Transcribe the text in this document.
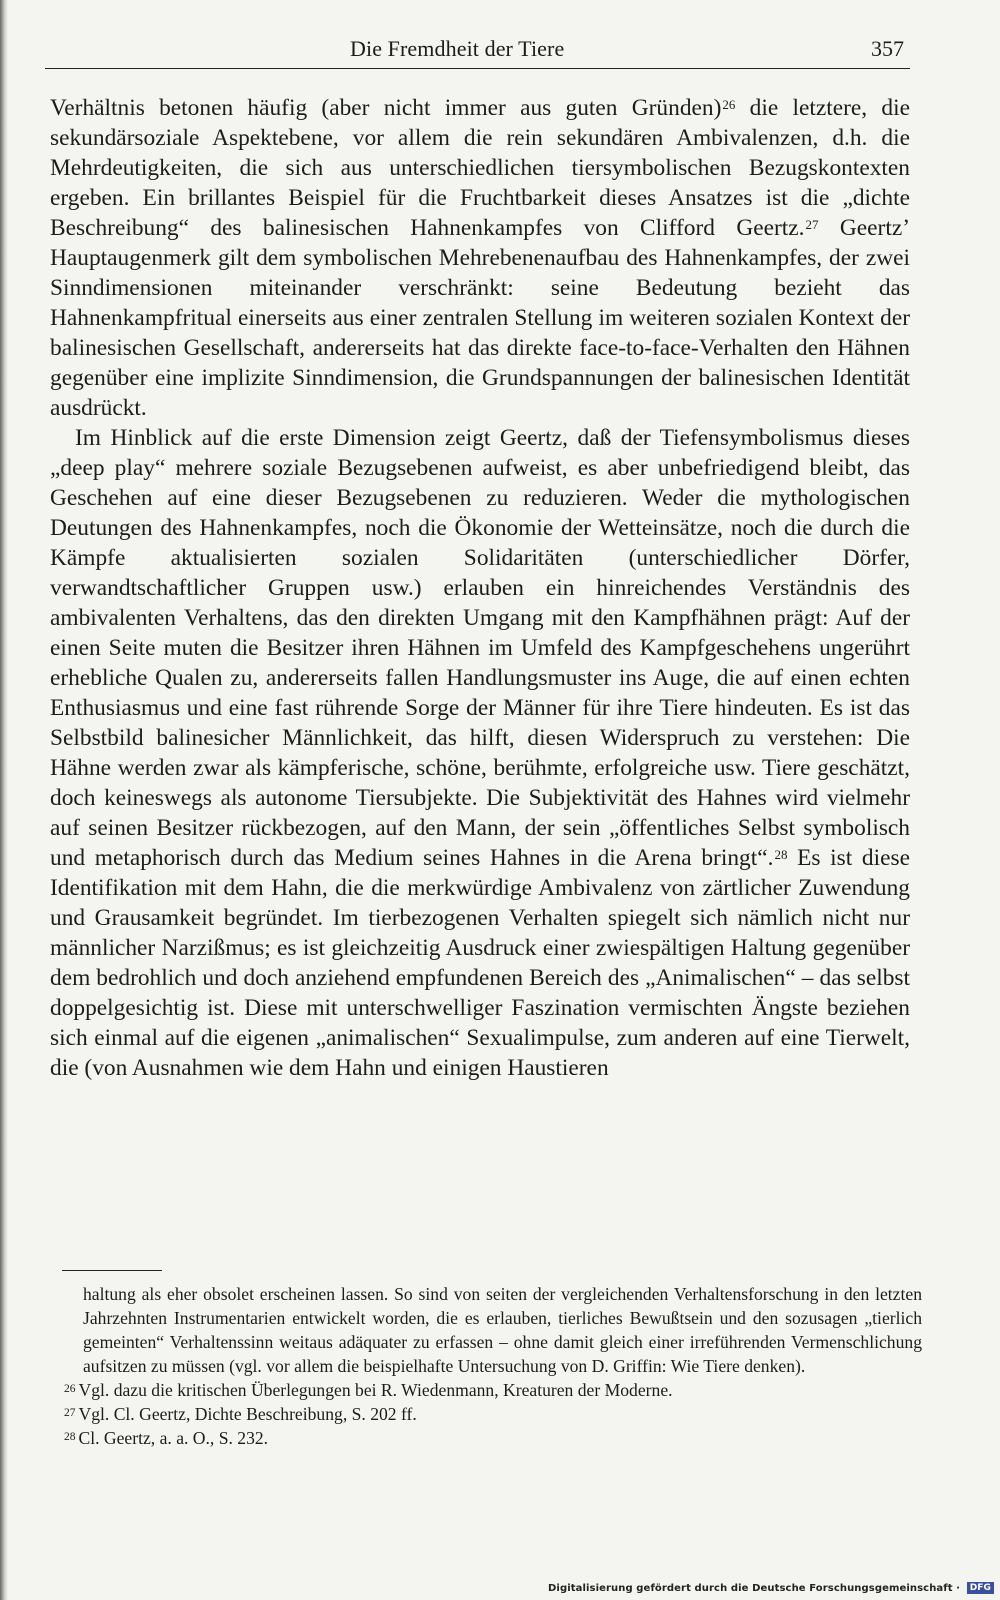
Die Fremdheit der Tiere	357

Verhältnis betonen häufig (aber nicht immer aus guten Gründen)$^{26}$ die letztere, die sekundärsoziale Aspektebene, vor allem die rein sekundären Ambivalenzen, d.h. die Mehrdeutigkeiten, die sich aus unterschiedlichen tiersymbolischen Bezugskontexten ergeben. Ein brillantes Beispiel für die Fruchtbarkeit dieses Ansatzes ist die „dichte Beschreibung“ des balinesischen Hahnenkampfes von Clifford Geertz.$^{27}$ Geertz’ Hauptaugenmerk gilt dem symbolischen Mehrebenenaufbau des Hahnenkampfes, der zwei Sinndimensionen miteinander verschränkt: seine Bedeutung bezieht das Hahnenkampfritual einerseits aus einer zentralen Stellung im weiteren sozialen Kontext der balinesischen Gesellschaft, andererseits hat das direkte face-to-face-Verhalten den Hähnen gegenüber eine implizite Sinndimension, die Grundspannungen der balinesischen Identität ausdrückt.

Im Hinblick auf die erste Dimension zeigt Geertz, daß der Tiefensymbolismus dieses „deep play“ mehrere soziale Bezugsebenen aufweist, es aber unbefriedigend bleibt, das Geschehen auf eine dieser Bezugsebenen zu reduzieren. Weder die mythologischen Deutungen des Hahnenkampfes, noch die Ökonomie der Wetteinsätze, noch die durch die Kämpfe aktualisierten sozialen Solidaritäten (unterschiedlicher Dörfer, verwandtschaftlicher Gruppen usw.) erlauben ein hinreichendes Verständnis des ambivalenten Verhaltens, das den direkten Umgang mit den Kampfhähnen prägt: Auf der einen Seite muten die Besitzer ihren Hähnen im Umfeld des Kampfgeschehens ungerührt erhebliche Qualen zu, andererseits fallen Handlungsmuster ins Auge, die auf einen echten Enthusiasmus und eine fast rührende Sorge der Männer für ihre Tiere hindeuten. Es ist das Selbstbild balinesicher Männlichkeit, das hilft, diesen Widerspruch zu verstehen: Die Hähne werden zwar als kämpferische, schöne, berühmte, erfolgreiche usw. Tiere geschätzt, doch keineswegs als autonome Tiersubjekte. Die Subjektivität des Hahnes wird vielmehr auf seinen Besitzer rückbezogen, auf den Mann, der sein „öffentliches Selbst symbolisch und metaphorisch durch das Medium seines Hahnes in die Arena bringt“.$^{28}$ Es ist diese Identifikation mit dem Hahn, die die merkwürdige Ambivalenz von zärtlicher Zuwendung und Grausamkeit begründet. Im tierbezogenen Verhalten spiegelt sich nämlich nicht nur männlicher Narzißmus; es ist gleichzeitig Ausdruck einer zwiespältigen Haltung gegenüber dem bedrohlich und doch anziehend empfundenen Bereich des „Animalischen“ – das selbst doppelgesichtig ist. Diese mit unterschwelliger Faszination vermischten Ängste beziehen sich einmal auf die eigenen „animalischen“ Sexualimpulse, zum anderen auf eine Tierwelt, die (von Ausnahmen wie dem Hahn und einigen Haustieren

haltung als eher obsolet erscheinen lassen. So sind von seiten der vergleichenden Verhaltensforschung in den letzten Jahrzehnten Instrumentarien entwickelt worden, die es erlauben, tierliches Bewußtsein und den sozusagen „tierlich gemeinten“ Verhaltenssinn weitaus adäquater zu erfassen – ohne damit gleich einer irreführenden Vermenschlichung aufsitzen zu müssen (vgl. vor allem die beispielhafte Untersuchung von D. Griffin: Wie Tiere denken).
$^{26}$ Vgl. dazu die kritischen Überlegungen bei R. Wiedenmann, Kreaturen der Moderne.
$^{27}$ Vgl. Cl. Geertz, Dichte Beschreibung, S. 202 ff.
$^{28}$ Cl. Geertz, a. a. O., S. 232.
Digitalisierung gefördert durch die Deutsche Forschungsgemeinschaft · DFG
